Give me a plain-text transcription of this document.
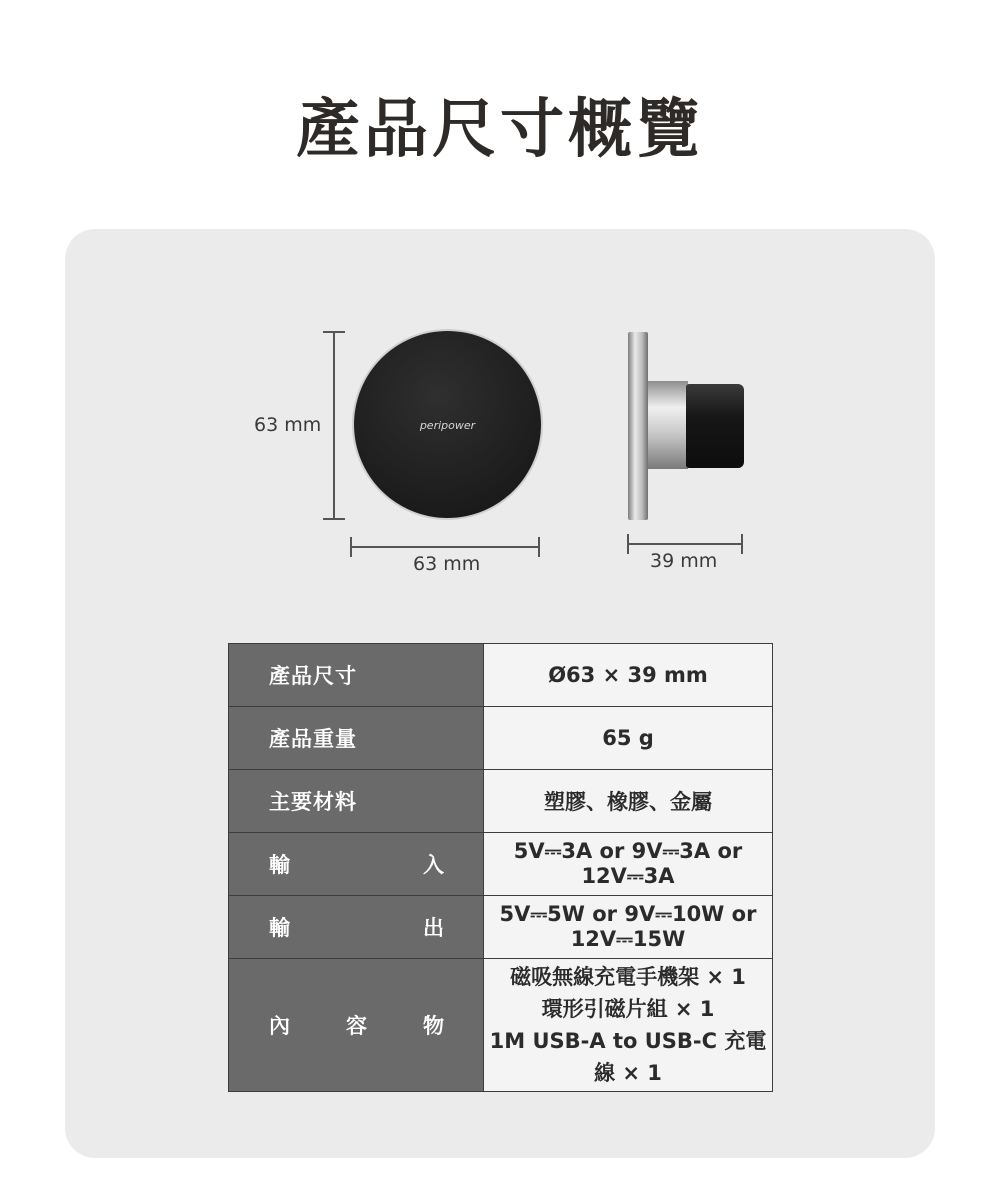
產品尺寸概覽
63 mm	peripower
63 mm	39 mm
產品尺寸	Ø63 × 39 mm
產品重量	65 g
主要材料	塑膠、橡膠、金屬

輸 入	5V⎓3A or 9V⎓3A or 12V⎓3A

輸 出	5V⎓5W or 9V⎓10W or 12V⎓15W

內 容 物	磁吸無線充電手機架 × 1
環形引磁片組 × 1
1M USB-A to USB-C 充電線 × 1
